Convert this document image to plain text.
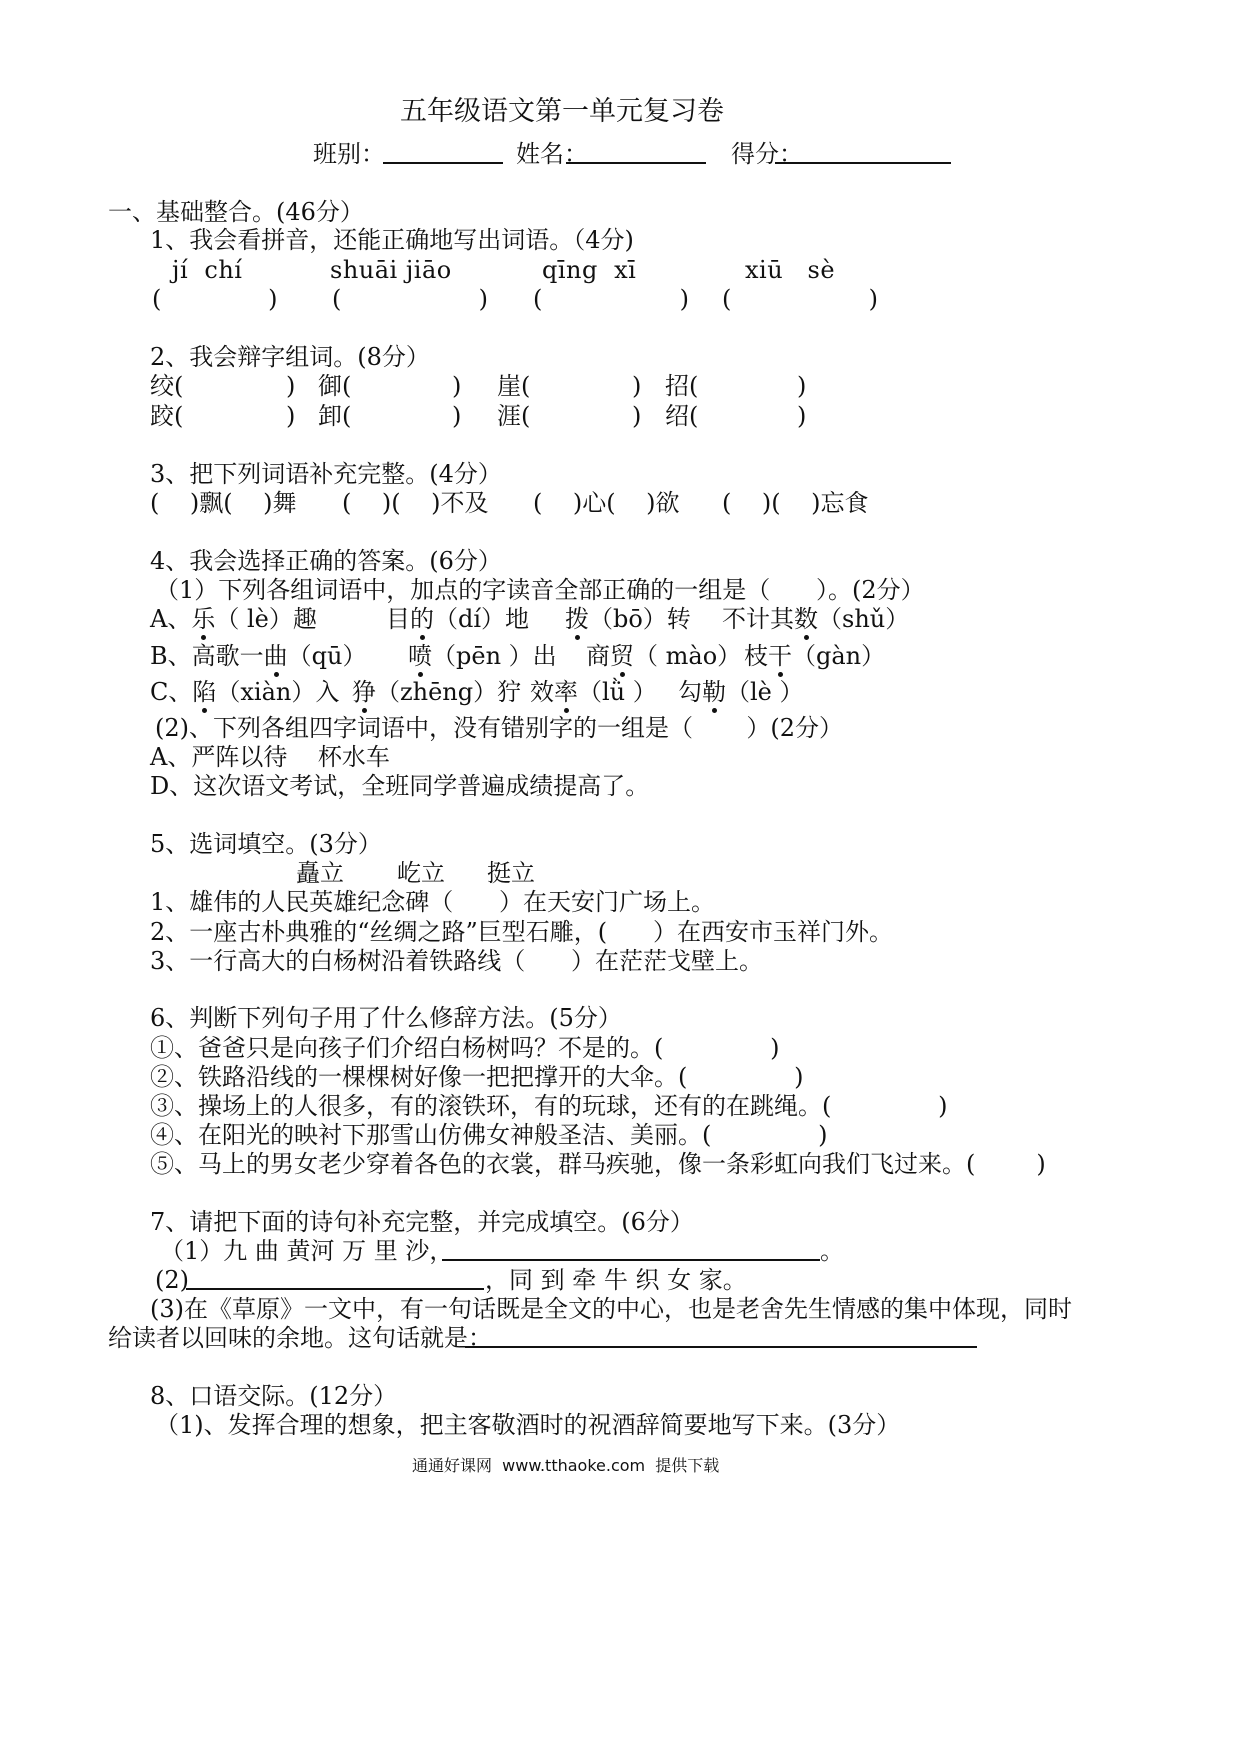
五年级语文第一单元复习卷
班别：	姓名：	得分：
一、基础整合。(46分）
1、我会看拼音，还能正确地写出词语。（4分)
jí  chí	shuāi jiāo	qīng  xī	xiū   sè
(              ) (                  ) (                  ) (                  )
2、我会辩字组词。(8分）
绞(	) 御(	) 崖(	) 招(	)
跤(	) 卸(	) 涯(	) 绍(	)
3、把下列词语补充完整。(4分）
(    )飘(    )舞 (    )(    )不及 (    )心(    )欲 (    )(    )忘食
4、我会选择正确的答案。(6分）
（1）下列各组词语中，加点的字读音全部正确的一组是（      ）。(2分）
A、乐（ lè）趣	目的（dí）地 拨（bō）转 不计其数（shǔ）
B、高歌一曲（qū） 喷（pēn ）出 商贸（ mào） 枝干（gàn）
C、陷（xiàn）入 狰（zhēng）狞 效率（lǜ ） 勾勒（lè ）
(2)、下列各组四字词语中，没有错别字的一组是（       ）(2分）
A、严阵以待    杯水车
D、这次语文考试，全班同学普遍成绩提高了。
5、选词填空。(3分）
矗立 屹立 挺立
1、雄伟的人民英雄纪念碑（      ）在天安门广场上。
2、一座古朴典雅的“丝绸之路”巨型石雕，(      ）在西安市玉祥门外。
3、一行高大的白杨树沿着铁路线（      ）在茫茫戈壁上。
6、判断下列句子用了什么修辞方法。(5分）
①、爸爸只是向孩子们介绍白杨树吗？不是的。(              )
②、铁路沿线的一棵棵树好像一把把撑开的大伞。(              )
③、操场上的人很多，有的滚铁环，有的玩球，还有的在跳绳。(              )
④、在阳光的映衬下那雪山仿佛女神般圣洁、美丽。(              )
⑤、马上的男女老少穿着各色的衣裳，群马疾驰，像一条彩虹向我们飞过来。(        )
7、请把下面的诗句补充完整，并完成填空。(6分）
（1）九 曲 黄河 万 里 沙，	。
(2)	，同 到 牵 牛 织 女 家。
(3)在《草原》一文中，有一句话既是全文的中心，也是老舍先生情感的集中体现，同时
给读者以回味的余地。这句话就是：
8、口语交际。(12分）
（1)、发挥合理的想象，把主客敬酒时的祝酒辞简要地写下来。(3分）
通通好课网  www.tthaoke.com  提供下载
